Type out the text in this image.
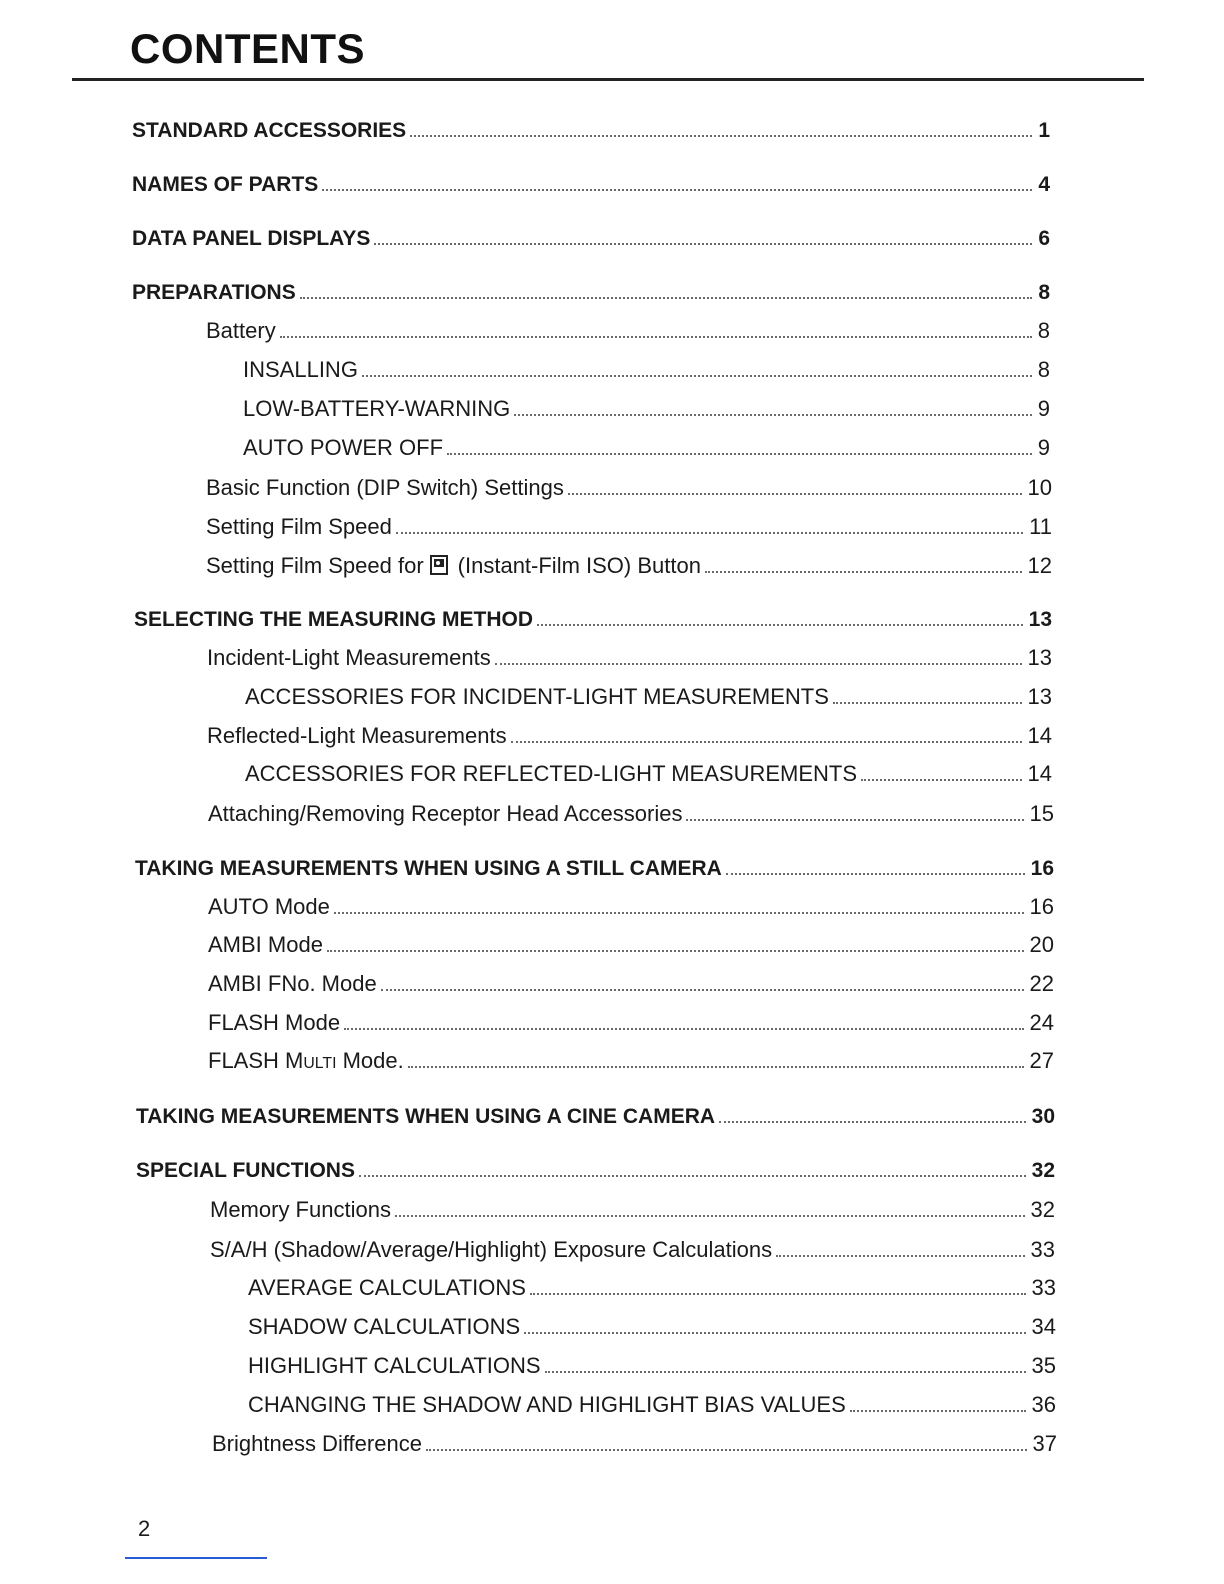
CONTENTS
STANDARD ACCESSORIES	1
NAMES OF PARTS	4
DATA PANEL DISPLAYS	6
PREPARATIONS	8
Battery	8
INSALLING	8
LOW-BATTERY-WARNING	9
AUTO POWER OFF	9
Basic Function (DIP Switch) Settings	10
Setting Film Speed	11
Setting Film Speed for (Instant-Film ISO) Button	12
SELECTING THE MEASURING METHOD	13
Incident-Light Measurements	13
ACCESSORIES FOR INCIDENT-LIGHT MEASUREMENTS	13
Reflected-Light Measurements	14
ACCESSORIES FOR REFLECTED-LIGHT MEASUREMENTS	14
Attaching/Removing Receptor Head Accessories	15
TAKING MEASUREMENTS WHEN USING A STILL CAMERA	16
AUTO Mode	16
AMBI Mode	20
AMBI FNo. Mode	22
FLASH Mode	24
FLASH MULTI Mode.	27
TAKING MEASUREMENTS WHEN USING A CINE CAMERA	30
SPECIAL FUNCTIONS	32
Memory Functions	32
S/A/H (Shadow/Average/Highlight) Exposure Calculations	33
AVERAGE CALCULATIONS	33
SHADOW CALCULATIONS	34
HIGHLIGHT CALCULATIONS	35
CHANGING THE SHADOW AND HIGHLIGHT BIAS VALUES	36
Brightness Difference	37
2
